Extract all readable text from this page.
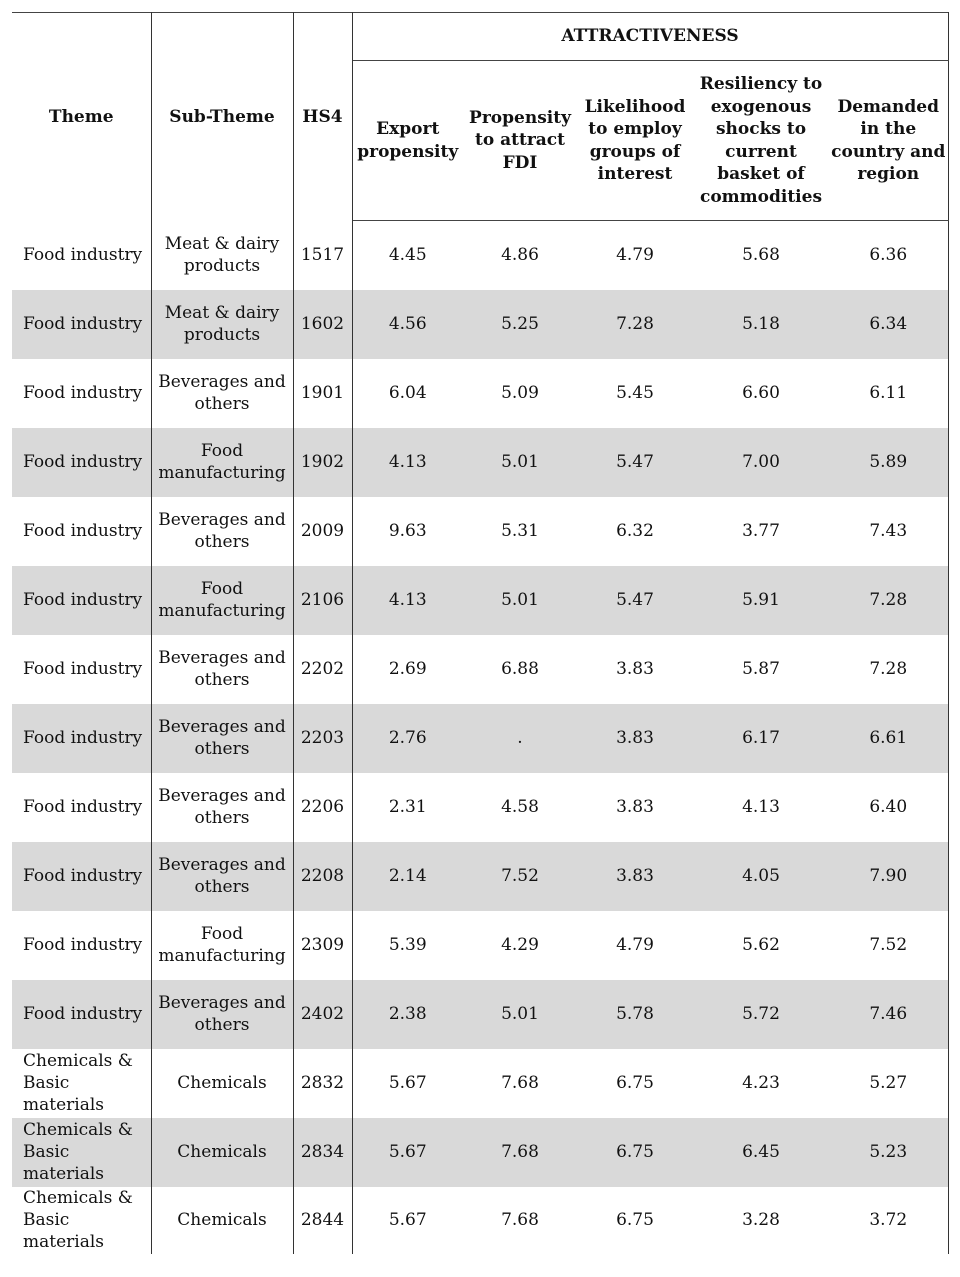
Theme	Sub-Theme	HS4	ATTRACTIVENESS				
			Export propensity	Propensity to attract FDI	Likelihood to employ groups of interest	Resiliency to exogenous shocks to current basket of commodities	Demanded in the country and region
Food industry	Meat & dairy products	1517	4.45	4.86	4.79	5.68	6.36
Food industry	Meat & dairy products	1602	4.56	5.25	7.28	5.18	6.34
Food industry	Beverages and others	1901	6.04	5.09	5.45	6.60	6.11
Food industry	Food manufacturing	1902	4.13	5.01	5.47	7.00	5.89
Food industry	Beverages and others	2009	9.63	5.31	6.32	3.77	7.43
Food industry	Food manufacturing	2106	4.13	5.01	5.47	5.91	7.28
Food industry	Beverages and others	2202	2.69	6.88	3.83	5.87	7.28
Food industry	Beverages and others	2203	2.76	.	3.83	6.17	6.61
Food industry	Beverages and others	2206	2.31	4.58	3.83	4.13	6.40
Food industry	Beverages and others	2208	2.14	7.52	3.83	4.05	7.90
Food industry	Food manufacturing	2309	5.39	4.29	4.79	5.62	7.52
Food industry	Beverages and others	2402	2.38	5.01	5.78	5.72	7.46
Chemicals & Basic materials	Chemicals	2832	5.67	7.68	6.75	4.23	5.27
Chemicals & Basic materials	Chemicals	2834	5.67	7.68	6.75	6.45	5.23
Chemicals & Basic materials	Chemicals	2844	5.67	7.68	6.75	3.28	3.72
